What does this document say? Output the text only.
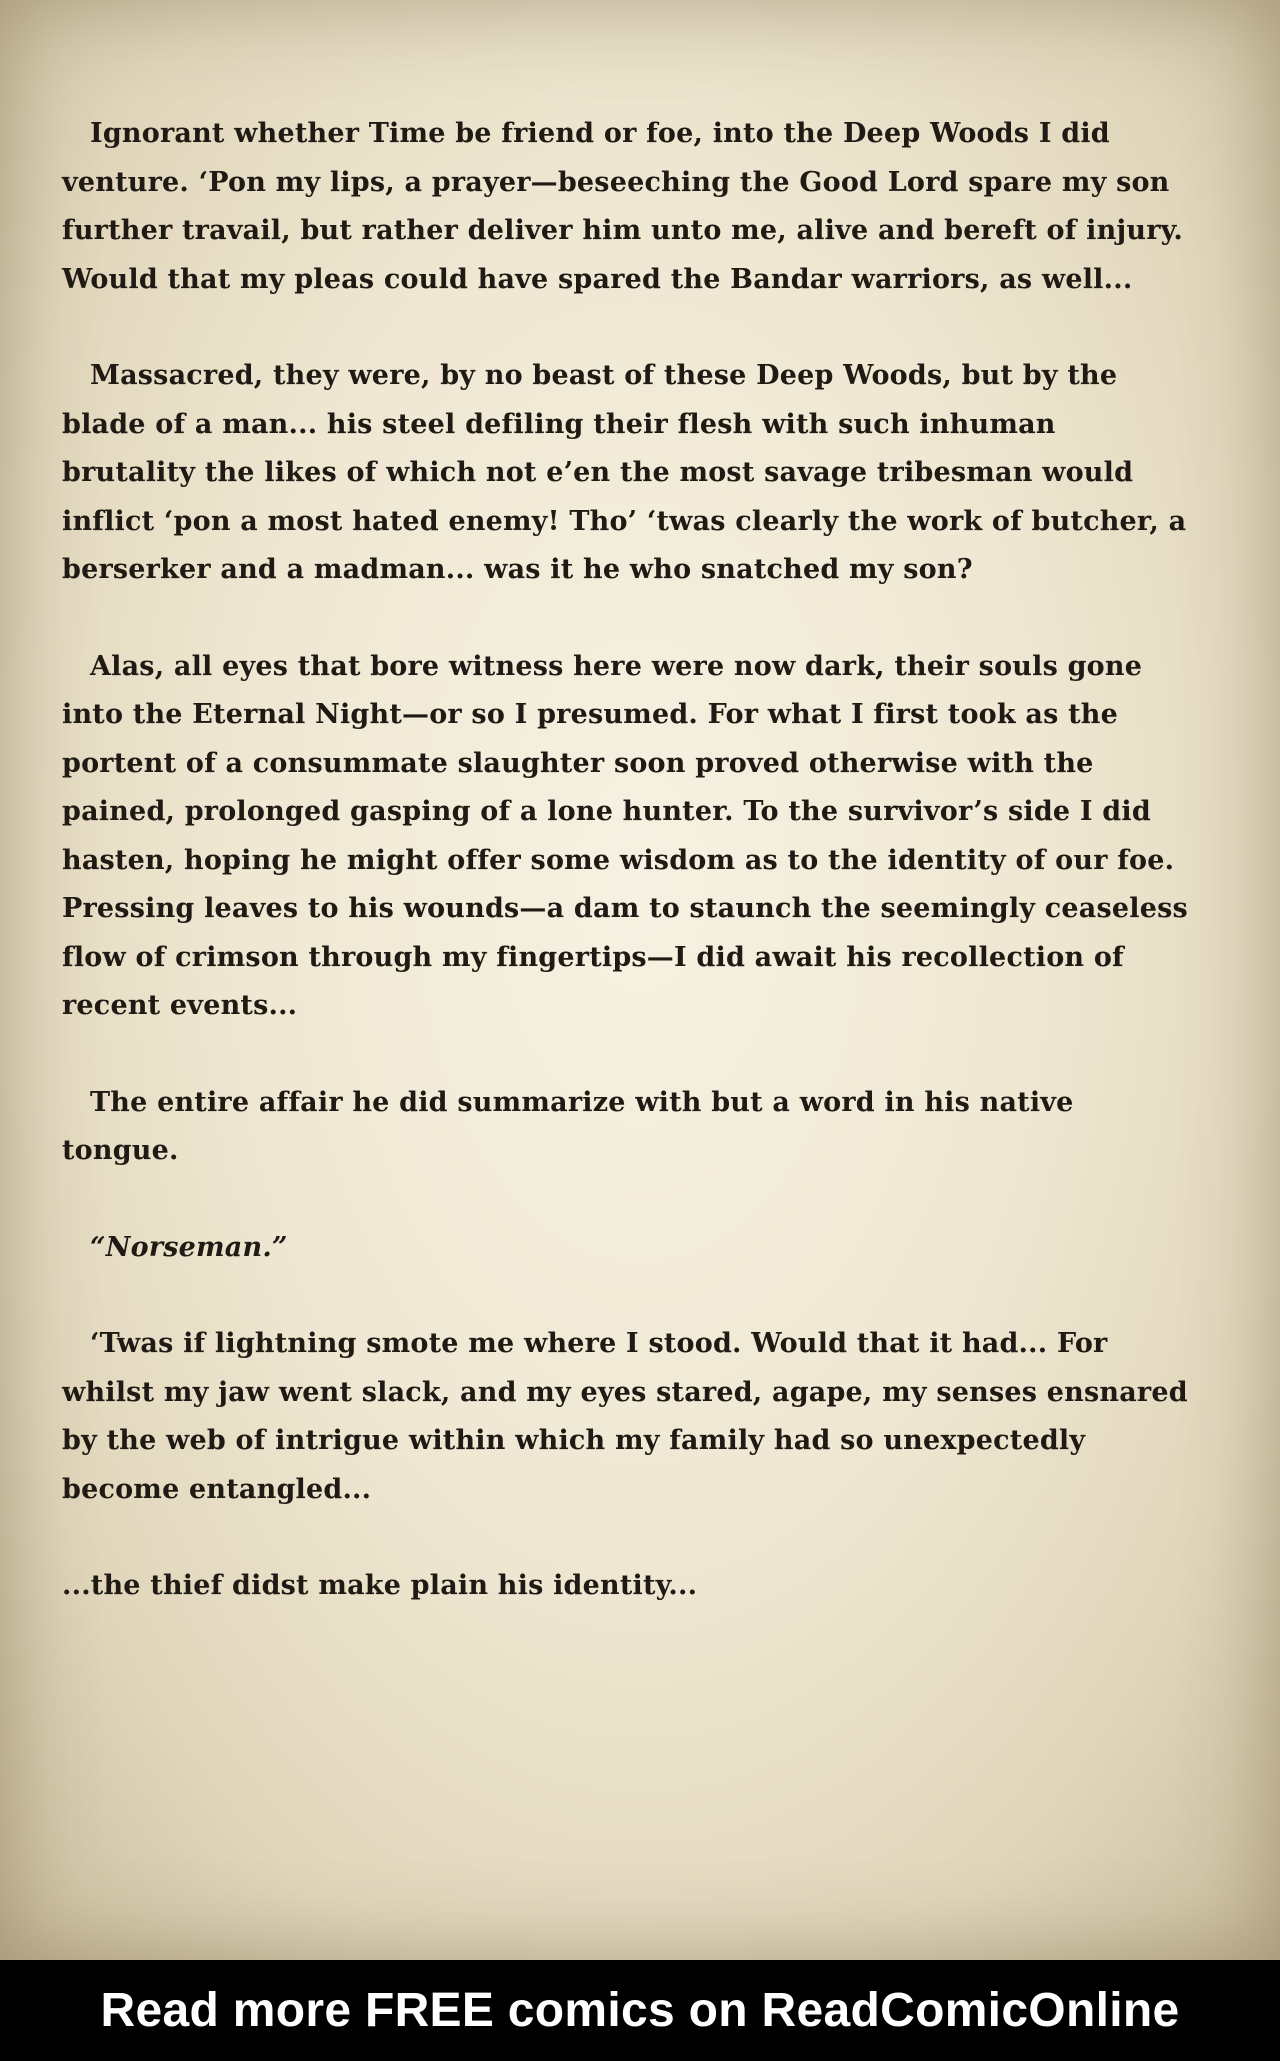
Ignorant whether Time be friend or foe, into the Deep Woods I did venture. ‘Pon my lips, a prayer—beseeching the Good Lord spare my son further travail, but rather deliver him unto me, alive and bereft of injury. Would that my pleas could have spared the Bandar warriors, as well...

Massacred, they were, by no beast of these Deep Woods, but by the blade of a man... his steel defiling their flesh with such inhuman brutality the likes of which not e’en the most savage tribesman would inflict ‘pon a most hated enemy! Tho’ ‘twas clearly the work of butcher, a berserker and a madman... was it he who snatched my son?

Alas, all eyes that bore witness here were now dark, their souls gone into the Eternal Night—or so I presumed. For what I first took as the portent of a consummate slaughter soon proved otherwise with the pained, prolonged gasping of a lone hunter. To the survivor’s side I did hasten, hoping he might offer some wisdom as to the identity of our foe. Pressing leaves to his wounds—a dam to staunch the seemingly ceaseless flow of crimson through my fingertips—I did await his recollection of recent events...

The entire affair he did summarize with but a word in his native tongue.

“Norseman.”

‘Twas if lightning smote me where I stood. Would that it had... For whilst my jaw went slack, and my eyes stared, agape, my senses ensnared by the web of intrigue within which my family had so unexpectedly become entangled...

...the thief didst make plain his identity...

Read more FREE comics on ReadComicOnline
